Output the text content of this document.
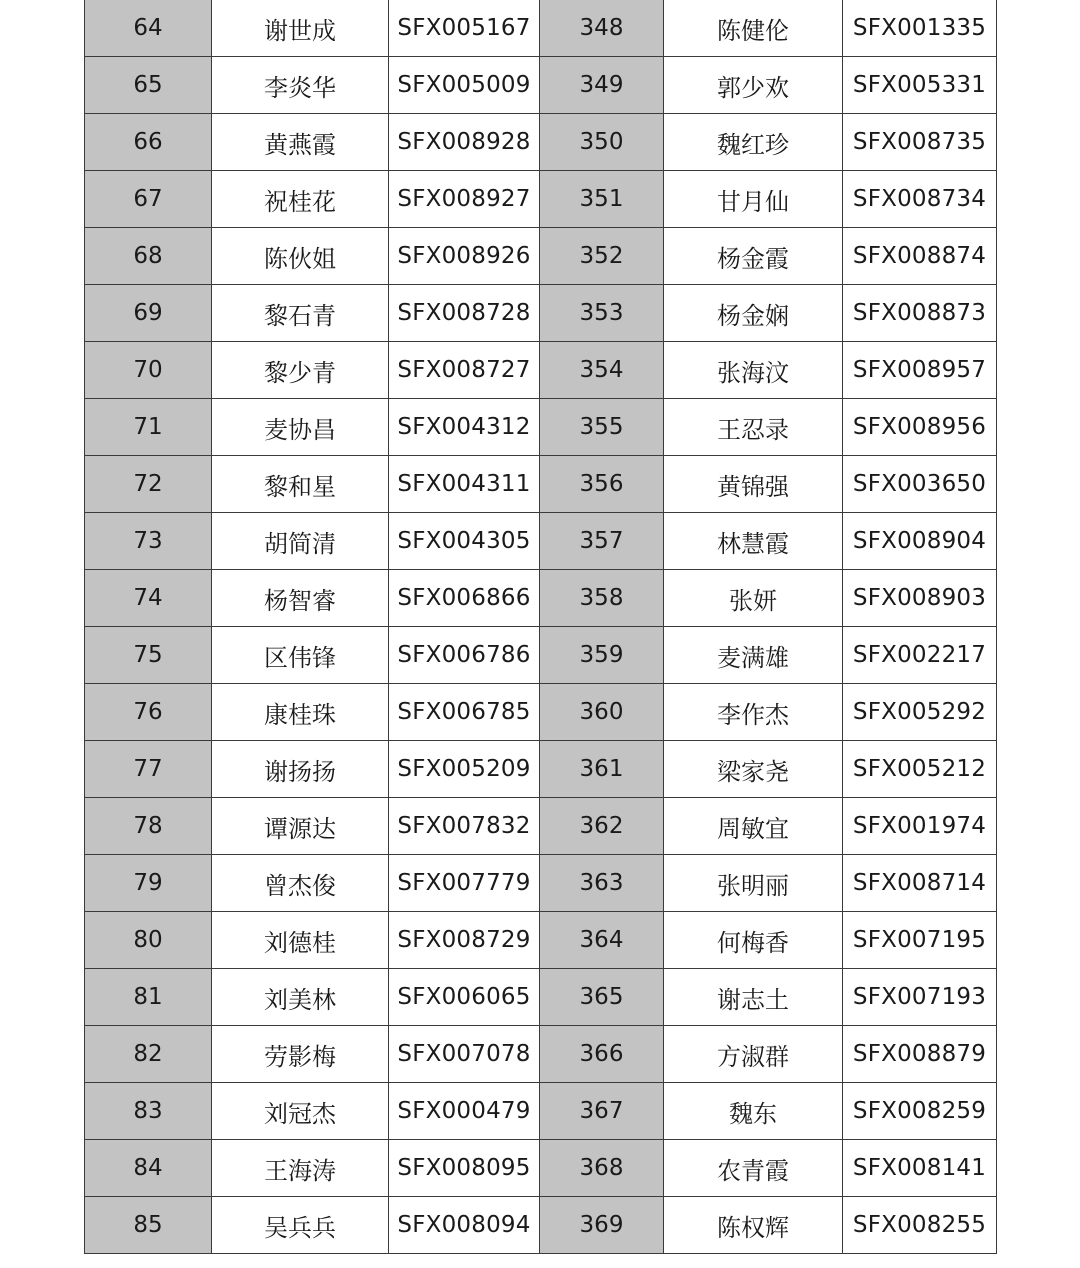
64	谢世成	SFX005167	348	陈健伦	SFX001335
65	李炎华	SFX005009	349	郭少欢	SFX005331
66	黄燕霞	SFX008928	350	魏红珍	SFX008735
67	祝桂花	SFX008927	351	甘月仙	SFX008734
68	陈伙姐	SFX008926	352	杨金霞	SFX008874
69	黎石青	SFX008728	353	杨金娴	SFX008873
70	黎少青	SFX008727	354	张海汶	SFX008957
71	麦协昌	SFX004312	355	王忍录	SFX008956
72	黎和星	SFX004311	356	黄锦强	SFX003650
73	胡简清	SFX004305	357	林慧霞	SFX008904
74	杨智睿	SFX006866	358	张妍	SFX008903
75	区伟锋	SFX006786	359	麦满雄	SFX002217
76	康桂珠	SFX006785	360	李作杰	SFX005292
77	谢扬扬	SFX005209	361	梁家尧	SFX005212
78	谭源达	SFX007832	362	周敏宜	SFX001974
79	曾杰俊	SFX007779	363	张明丽	SFX008714
80	刘德桂	SFX008729	364	何梅香	SFX007195
81	刘美林	SFX006065	365	谢志土	SFX007193
82	劳影梅	SFX007078	366	方淑群	SFX008879
83	刘冠杰	SFX000479	367	魏东	SFX008259
84	王海涛	SFX008095	368	农青霞	SFX008141
85	吴兵兵	SFX008094	369	陈权辉	SFX008255
